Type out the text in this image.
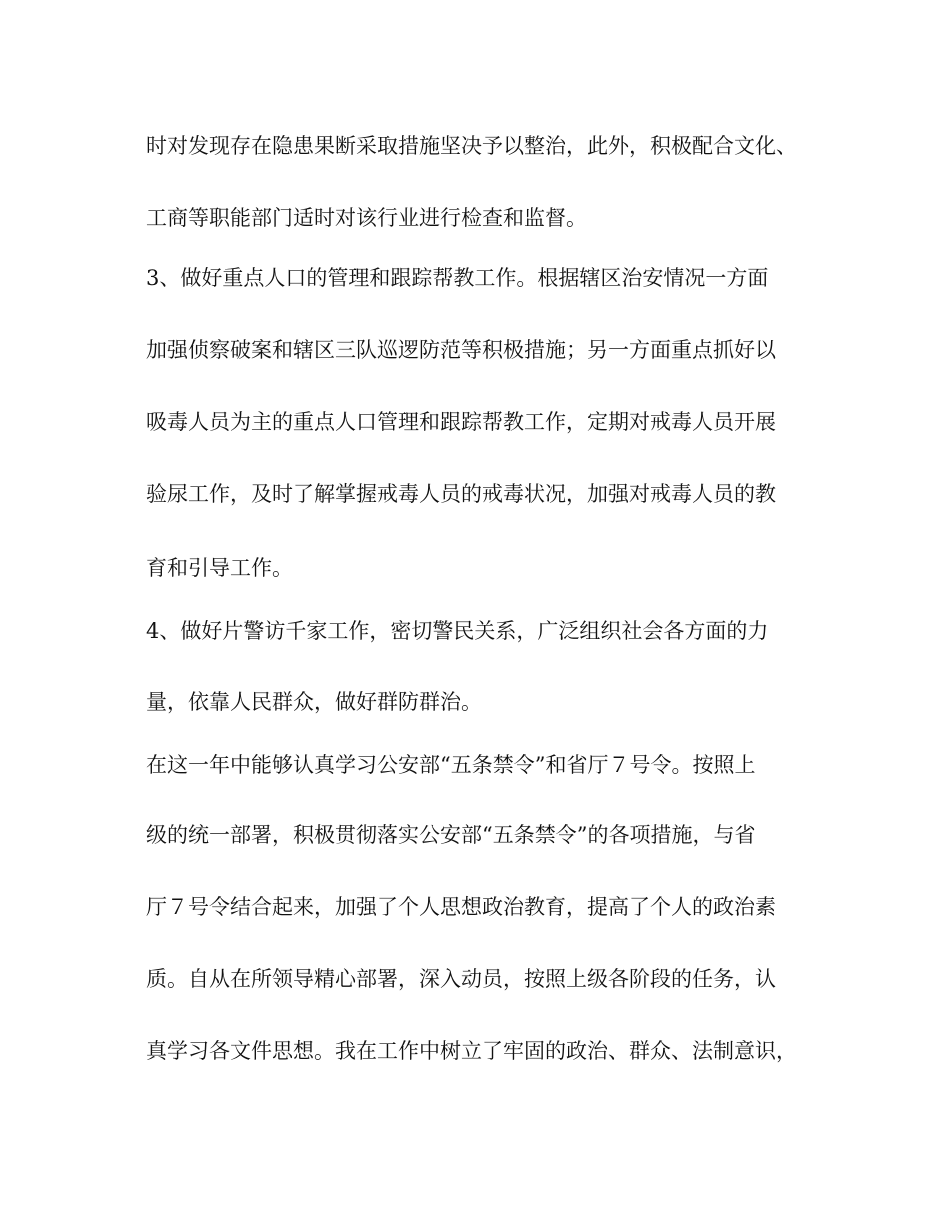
时对发现存在隐患果断采取措施坚决予以整治，此外，积极配合文化、
工商等职能部门适时对该行业进行检查和监督。
3、做好重点人口的管理和跟踪帮教工作。根据辖区治安情况一方面
加强侦察破案和辖区三队巡逻防范等积极措施；另一方面重点抓好以
吸毒人员为主的重点人口管理和跟踪帮教工作，定期对戒毒人员开展
验尿工作，及时了解掌握戒毒人员的戒毒状况，加强对戒毒人员的教
育和引导工作。
4、做好片警访千家工作，密切警民关系，广泛组织社会各方面的力
量，依靠人民群众，做好群防群治。
在这一年中能够认真学习公安部“五条禁令”和省厅７号令。按照上
级的统一部署，积极贯彻落实公安部“五条禁令”的各项措施，与省
厅７号令结合起来，加强了个人思想政治教育，提高了个人的政治素
质。自从在所领导精心部署，深入动员，按照上级各阶段的任务，认
真学习各文件思想。我在工作中树立了牢固的政治、群众、法制意识，
